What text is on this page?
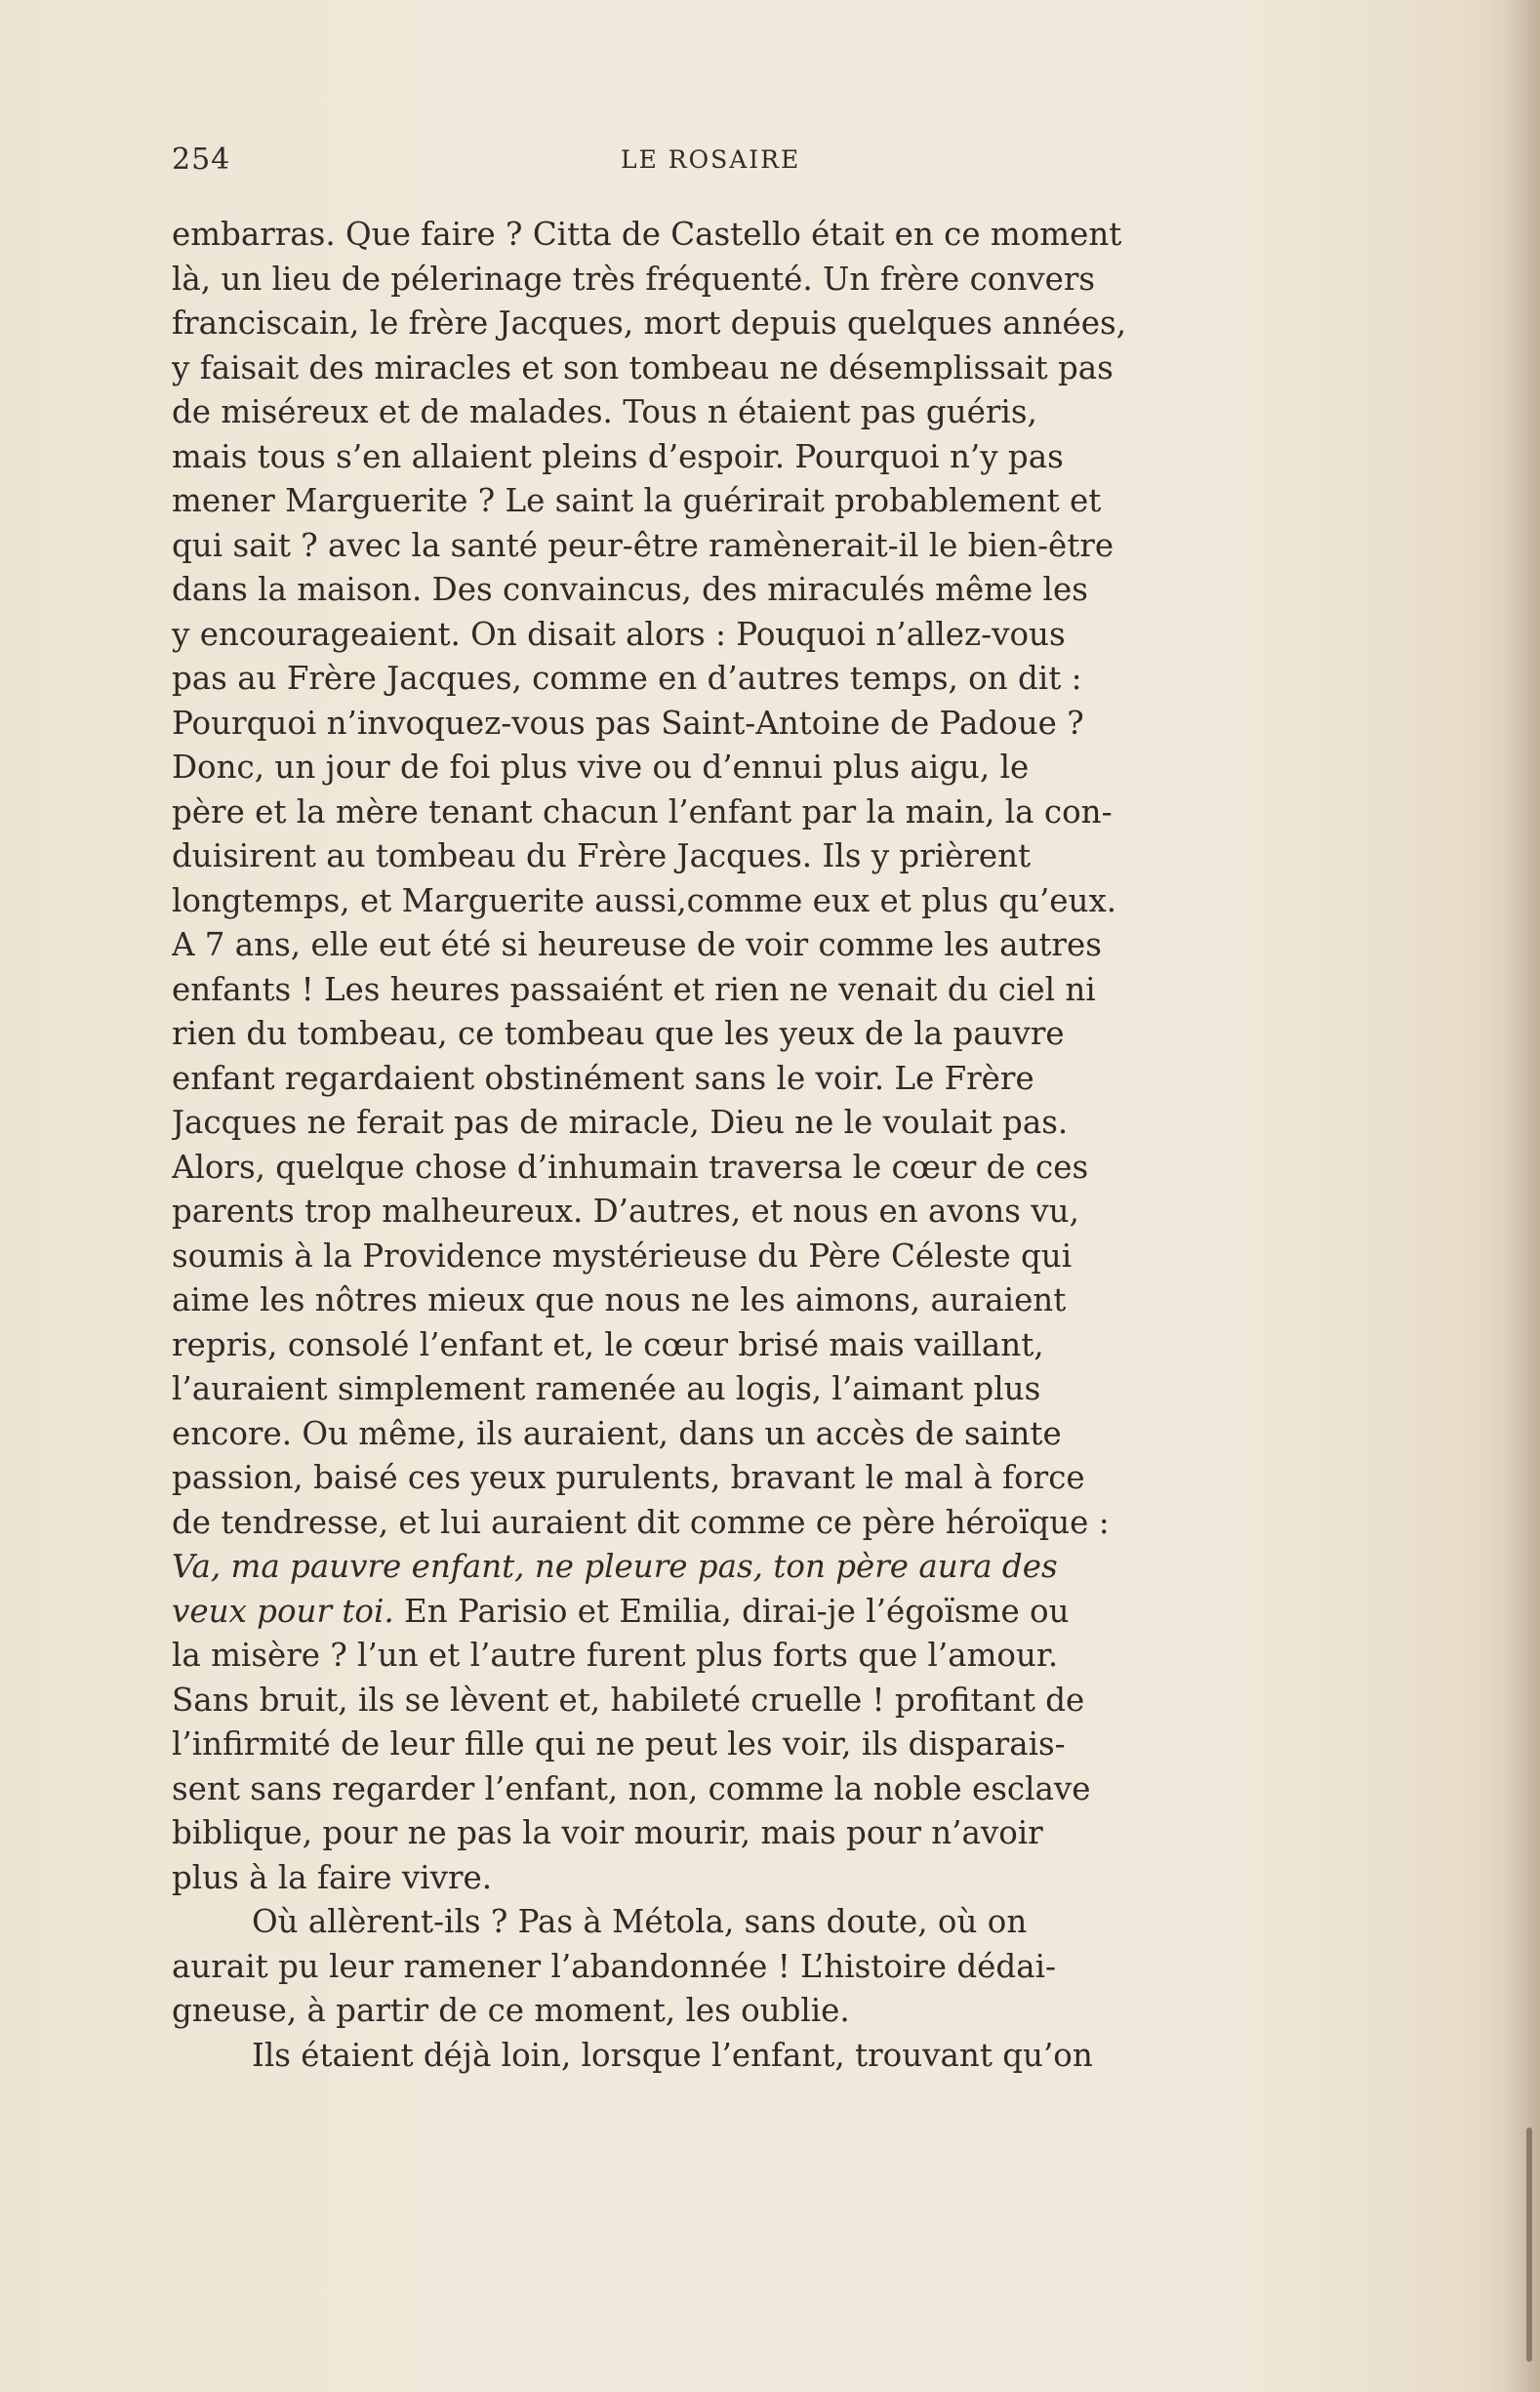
254	LE ROSAIRE
embarras. Que faire ? Citta de Castello était en ce moment
là, un lieu de pélerinage très fréquenté. Un frère convers
franciscain, le frère Jacques, mort depuis quelques années,
y faisait des miracles et son tombeau ne désemplissait pas
de miséreux et de malades. Tous n étaient pas guéris,
mais tous s’en allaient pleins d’espoir. Pourquoi n’y pas
mener Marguerite ? Le saint la guérirait probablement et
qui sait ? avec la santé peur-être ramènerait-il le bien-être
dans la maison. Des convaincus, des miraculés même les
y encourageaient. On disait alors : Pouquoi n’allez-vous
pas au Frère Jacques, comme en d’autres temps, on dit :
Pourquoi n’invoquez-vous pas Saint-Antoine de Padoue ?
Donc, un jour de foi plus vive ou d’ennui plus aigu, le
père et la mère tenant chacun l’enfant par la main, la con-
duisirent au tombeau du Frère Jacques. Ils y prièrent
longtemps, et Marguerite aussi,comme eux et plus qu’eux.
A 7 ans, elle eut été si heureuse de voir comme les autres
enfants ! Les heures passaiént et rien ne venait du ciel ni
rien du tombeau, ce tombeau que les yeux de la pauvre
enfant regardaient obstinément sans le voir. Le Frère
Jacques ne ferait pas de miracle, Dieu ne le voulait pas.
Alors, quelque chose d’inhumain traversa le cœur de ces
parents trop malheureux. D’autres, et nous en avons vu,
soumis à la Providence mystérieuse du Père Céleste qui
aime les nôtres mieux que nous ne les aimons, auraient
repris, consolé l’enfant et, le cœur brisé mais vaillant,
l’auraient simplement ramenée au logis, l’aimant plus
encore. Ou même, ils auraient, dans un accès de sainte
passion, baisé ces yeux purulents, bravant le mal à force
de tendresse, et lui auraient dit comme ce père héroïque :
Va, ma pauvre enfant, ne pleure pas, ton père aura des
veux pour toi. En Parisio et Emilia, dirai-je l’égoïsme ou
la misère ? l’un et l’autre furent plus forts que l’amour.
Sans bruit, ils se lèvent et, habileté cruelle ! profitant de
l’infirmité de leur fille qui ne peut les voir, ils disparais-
sent sans regarder l’enfant, non, comme la noble esclave
biblique, pour ne pas la voir mourir, mais pour n’avoir
plus à la faire vivre.
Où allèrent-ils ? Pas à Métola, sans doute, où on
aurait pu leur ramener l’abandonnée ! L’histoire dédai-
gneuse, à partir de ce moment, les oublie.
Ils étaient déjà loin, lorsque l’enfant, trouvant qu’on
